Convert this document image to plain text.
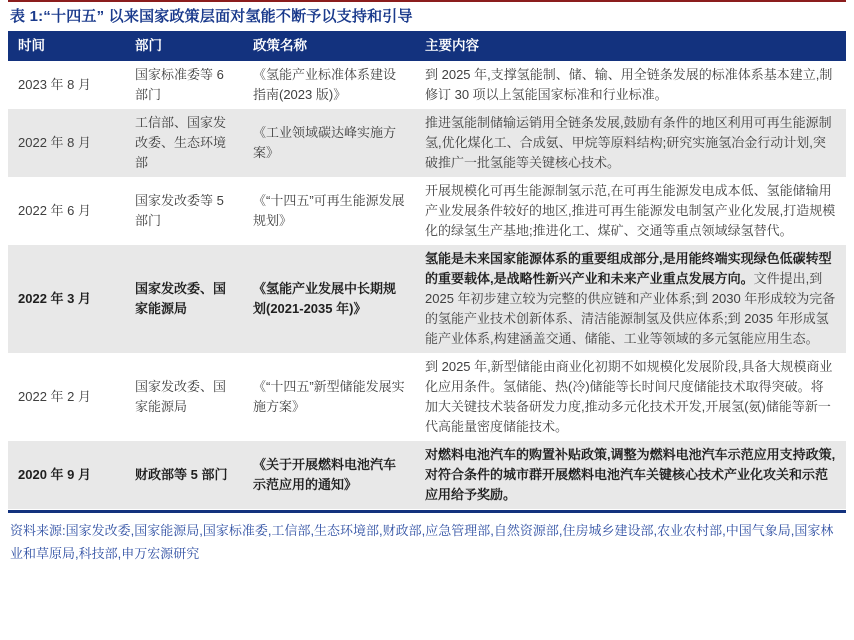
表 1:“十四五” 以来国家政策层面对氢能不断予以支持和引导
时间	部门	政策名称	主要内容
2023 年 8 月	国家标准委等 6 部门	《氢能产业标准体系建设指南(2023 版)》	到 2025 年,支撑氢能制、储、输、用全链条发展的标准体系基本建立,制修订 30 项以上氢能国家标准和行业标准。
2022 年 8 月	工信部、国家发改委、生态环境部	《工业领域碳达峰实施方案》	推进氢能制储输运销用全链条发展,鼓励有条件的地区利用可再生能源制氢,优化煤化工、合成氨、甲烷等原料结构;研究实施氢冶金行动计划,突破推广一批氢能等关键核心技术。
2022 年 6 月	国家发改委等 5 部门	《“十四五”可再生能源发展规划》	开展规模化可再生能源制氢示范,在可再生能源发电成本低、氢能储输用产业发展条件较好的地区,推进可再生能源发电制氢产业化发展,打造规模化的绿氢生产基地;推进化工、煤矿、交通等重点领域绿氢替代。
2022 年 3 月	国家发改委、国家能源局	《氢能产业发展中长期规划(2021-2035 年)》	氢能是未来国家能源体系的重要组成部分,是用能终端实现绿色低碳转型的重要载体,是战略性新兴产业和未来产业重点发展方向。文件提出,到 2025 年初步建立较为完整的供应链和产业体系;到 2030 年形成较为完备的氢能产业技术创新体系、清洁能源制氢及供应体系;到 2035 年形成氢能产业体系,构建涵盖交通、储能、工业等领域的多元氢能应用生态。
2022 年 2 月	国家发改委、国家能源局	《“十四五”新型储能发展实施方案》	到 2025 年,新型储能由商业化初期不如规模化发展阶段,具备大规模商业化应用条件。氢储能、热(冷)储能等长时间尺度储能技术取得突破。将加大关键技术装备研发力度,推动多元化技术开发,开展氢(氨)储能等新一代高能量密度储能技术。
2020 年 9 月	财政部等 5 部门	《关于开展燃料电池汽车示范应用的通知》	对燃料电池汽车的购置补贴政策,调整为燃料电池汽车示范应用支持政策,对符合条件的城市群开展燃料电池汽车关键核心技术产业化攻关和示范应用给予奖励。
资料来源:国家发改委,国家能源局,国家标准委,工信部,生态环境部,财政部,应急管理部,自然资源部,住房城乡建设部,农业农村部,中国气象局,国家林业和草原局,科技部,申万宏源研究
